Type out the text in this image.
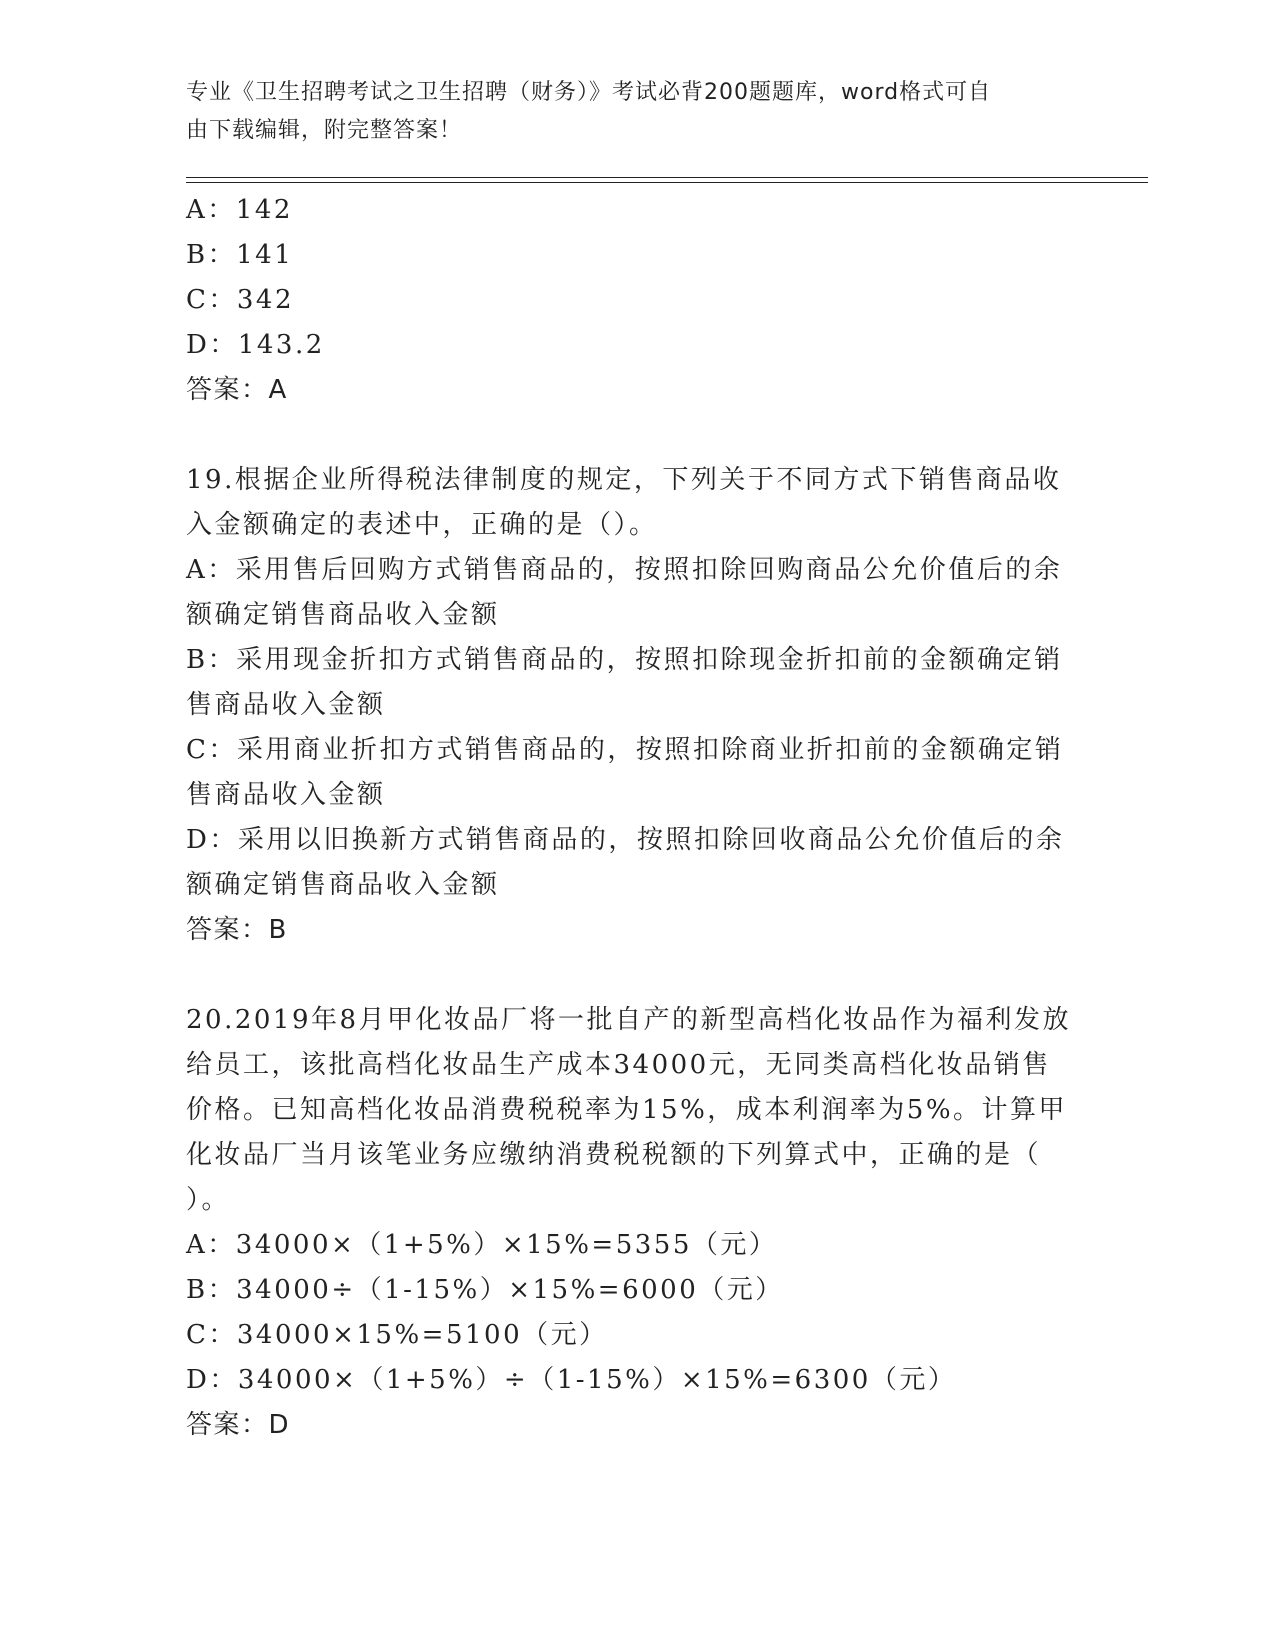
专业《卫生招聘考试之卫生招聘（财务）》考试必背200题题库，word格式可自
由下载编辑，附完整答案！
A：142
B：141
C：342
D：143.2
答案：A
19.根据企业所得税法律制度的规定，下列关于不同方式下销售商品收
入金额确定的表述中，正确的是（）。
A：采用售后回购方式销售商品的，按照扣除回购商品公允价值后的余
额确定销售商品收入金额
B：采用现金折扣方式销售商品的，按照扣除现金折扣前的金额确定销
售商品收入金额
C：采用商业折扣方式销售商品的，按照扣除商业折扣前的金额确定销
售商品收入金额
D：采用以旧换新方式销售商品的，按照扣除回收商品公允价值后的余
额确定销售商品收入金额
答案：B
20.2019年8月甲化妆品厂将一批自产的新型高档化妆品作为福利发放
给员工，该批高档化妆品生产成本34000元，无同类高档化妆品销售
价格。已知高档化妆品消费税税率为15%，成本利润率为5%。计算甲
化妆品厂当月该笔业务应缴纳消费税税额的下列算式中，正确的是（
）。
A：34000×（1+5%）×15%=5355（元）
B：34000÷（1-15%）×15%=6000（元）
C：34000×15%=5100（元）
D：34000×（1+5%）÷（1-15%）×15%=6300（元）
答案：D
